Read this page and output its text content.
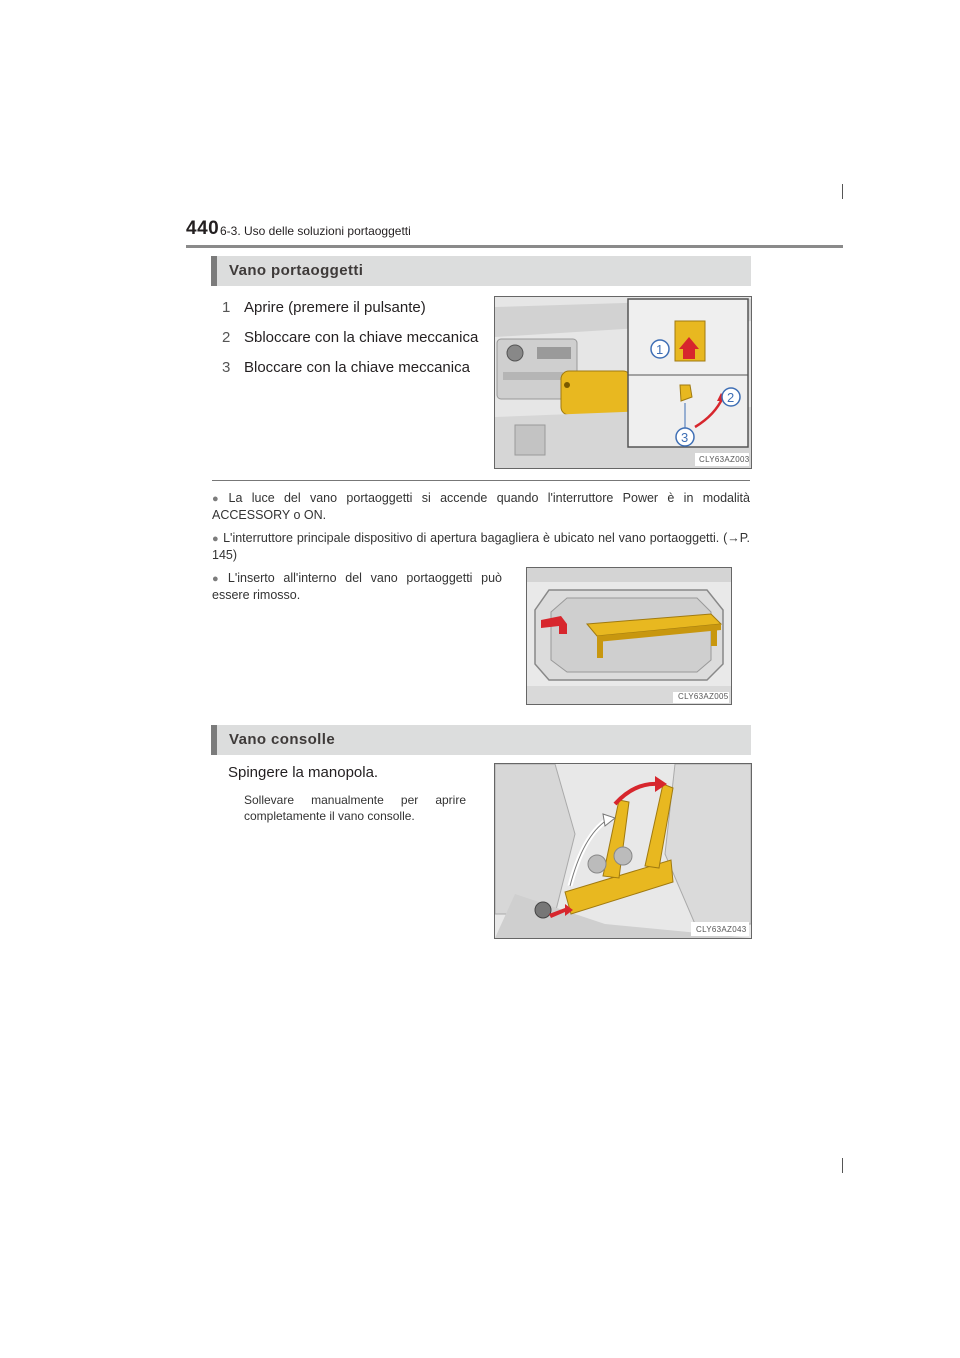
440 6-3. Uso delle soluzioni portaoggetti
Vano portaoggetti
1 Aprire (premere il pulsante)
2 Sbloccare con la chiave meccanica
3 Bloccare con la chiave meccanica
1
2
3
CLY63AZ003
● La luce del vano portaoggetti si accende quando l'interruttore Power è in modalità ACCESSORY o ON.
● L'interruttore principale dispositivo di apertura bagagliera è ubicato nel vano portaoggetti. (→P. 145)
● L'inserto all'interno del vano portaoggetti può essere rimosso.
CLY63AZ005
Vano consolle
Spingere la manopola.
Sollevare manualmente per aprire completamente il vano consolle.
CLY63AZ043
